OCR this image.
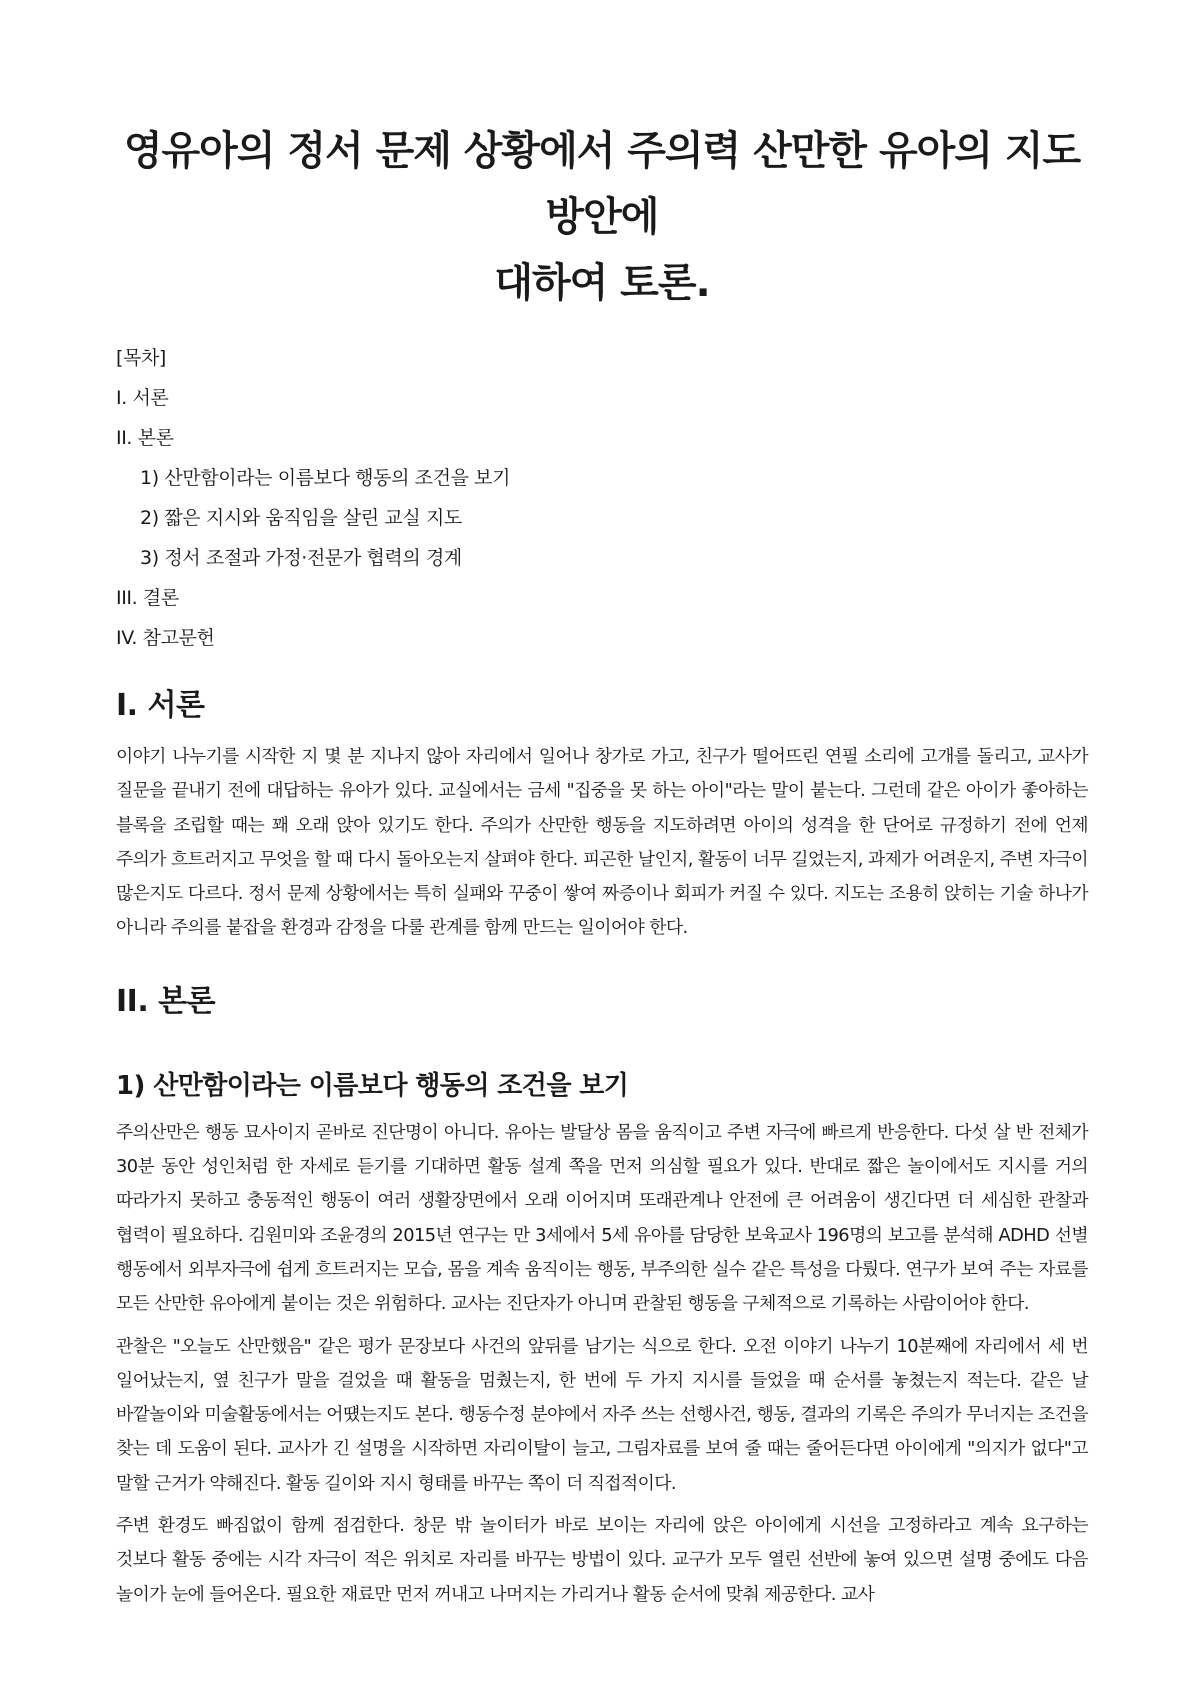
영유아의 정서 문제 상황에서 주의력 산만한 유아의 지도방안에
대하여 토론.
[목차]
I. 서론
II. 본론
1) 산만함이라는 이름보다 행동의 조건을 보기
2) 짧은 지시와 움직임을 살린 교실 지도
3) 정서 조절과 가정·전문가 협력의 경계
III. 결론
IV. 참고문헌
I. 서론

이야기 나누기를 시작한 지 몇 분 지나지 않아 자리에서 일어나 창가로 가고, 친구가 떨어뜨린 연필 소리에 고개를 돌리고, 교사가 질문을 끝내기 전에 대답하는 유아가 있다. 교실에서는 금세 "집중을 못 하는 아이"라는 말이 붙는다. 그런데 같은 아이가 좋아하는 블록을 조립할 때는 꽤 오래 앉아 있기도 한다. 주의가 산만한 행동을 지도하려면 아이의 성격을 한 단어로 규정하기 전에 언제 주의가 흐트러지고 무엇을 할 때 다시 돌아오는지 살펴야 한다. 피곤한 날인지, 활동이 너무 길었는지, 과제가 어려운지, 주변 자극이 많은지도 다르다. 정서 문제 상황에서는 특히 실패와 꾸중이 쌓여 짜증이나 회피가 커질 수 있다. 지도는 조용히 앉히는 기술 하나가 아니라 주의를 붙잡을 환경과 감정을 다룰 관계를 함께 만드는 일이어야 한다.

II. 본론
1) 산만함이라는 이름보다 행동의 조건을 보기

주의산만은 행동 묘사이지 곧바로 진단명이 아니다. 유아는 발달상 몸을 움직이고 주변 자극에 빠르게 반응한다. 다섯 살 반 전체가 30분 동안 성인처럼 한 자세로 듣기를 기대하면 활동 설계 쪽을 먼저 의심할 필요가 있다. 반대로 짧은 놀이에서도 지시를 거의 따라가지 못하고 충동적인 행동이 여러 생활장면에서 오래 이어지며 또래관계나 안전에 큰 어려움이 생긴다면 더 세심한 관찰과 협력이 필요하다. 김원미와 조윤경의 2015년 연구는 만 3세에서 5세 유아를 담당한 보육교사 196명의 보고를 분석해 ADHD 선별 행동에서 외부자극에 쉽게 흐트러지는 모습, 몸을 계속 움직이는 행동, 부주의한 실수 같은 특성을 다뤘다. 연구가 보여 주는 자료를 모든 산만한 유아에게 붙이는 것은 위험하다. 교사는 진단자가 아니며 관찰된 행동을 구체적으로 기록하는 사람이어야 한다.

관찰은 "오늘도 산만했음" 같은 평가 문장보다 사건의 앞뒤를 남기는 식으로 한다. 오전 이야기 나누기 10분째에 자리에서 세 번 일어났는지, 옆 친구가 말을 걸었을 때 활동을 멈췄는지, 한 번에 두 가지 지시를 들었을 때 순서를 놓쳤는지 적는다. 같은 날 바깥놀이와 미술활동에서는 어떘는지도 본다. 행동수정 분야에서 자주 쓰는 선행사건, 행동, 결과의 기록은 주의가 무너지는 조건을 찾는 데 도움이 된다. 교사가 긴 설명을 시작하면 자리이탈이 늘고, 그림자료를 보여 줄 때는 줄어든다면 아이에게 "의지가 없다"고 말할 근거가 약해진다. 활동 길이와 지시 형태를 바꾸는 쪽이 더 직접적이다.

주변 환경도 빠짐없이 함께 점검한다. 창문 밖 놀이터가 바로 보이는 자리에 앉은 아이에게 시선을 고정하라고 계속 요구하는 것보다 활동 중에는 시각 자극이 적은 위치로 자리를 바꾸는 방법이 있다. 교구가 모두 열린 선반에 놓여 있으면 설명 중에도 다음 놀이가 눈에 들어온다. 필요한 재료만 먼저 꺼내고 나머지는 가리거나 활동 순서에 맞춰 제공한다. 교사
